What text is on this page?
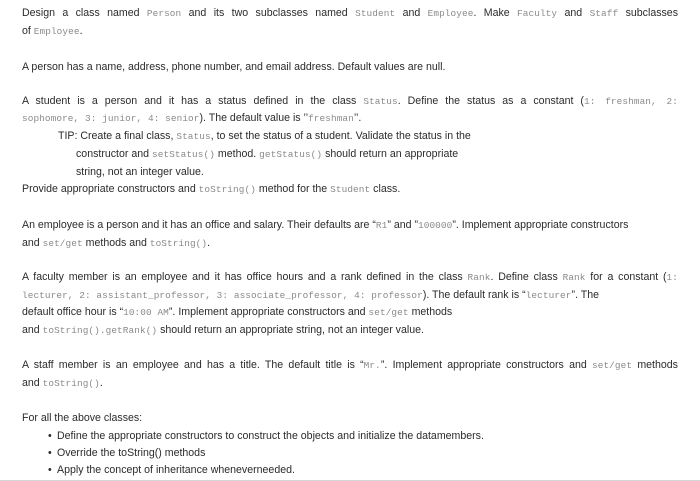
Design a class named Person and its two subclasses named Student and Employee. Make Faculty and Staff subclasses
of Employee.
A person has a name, address, phone number, and email address. Default values are null.
A student is a person and it has a status defined in the class Status. Define the status as a constant (1: freshman, 2:
sophomore, 3: junior, 4: senior). The default value is ’’freshman’’.
TIP: Create a final class, Status, to set the status of a student. Validate the status in the
constructor and setStatus() method. getStatus() should return an appropriate
string, not an integer value.
Provide appropriate constructors and toString() method for the Student class.
An employee is a person and it has an office and salary. Their defaults are “R1” and ”100000”. Implement appropriate constructors
and set/get methods and toString().
A faculty member is an employee and it has office hours and a rank defined in the class Rank. Define class Rank for a constant (1:
lecturer, 2: assistant_professor, 3: associate_professor, 4: professor). The default rank is “lecturer”. The
default office hour is “10:00 AM”. Implement appropriate constructors and set/get methods
and toString().getRank() should return an appropriate string, not an integer value.
A staff member is an employee and has a title. The default title is “Mr.”. Implement appropriate constructors and set/get methods
and toString().
For all the above classes:
• Define the appropriate constructors to construct the objects and initialize the datamembers.
• Override the toString() methods
• Apply the concept of inheritance wheneverneeded.
